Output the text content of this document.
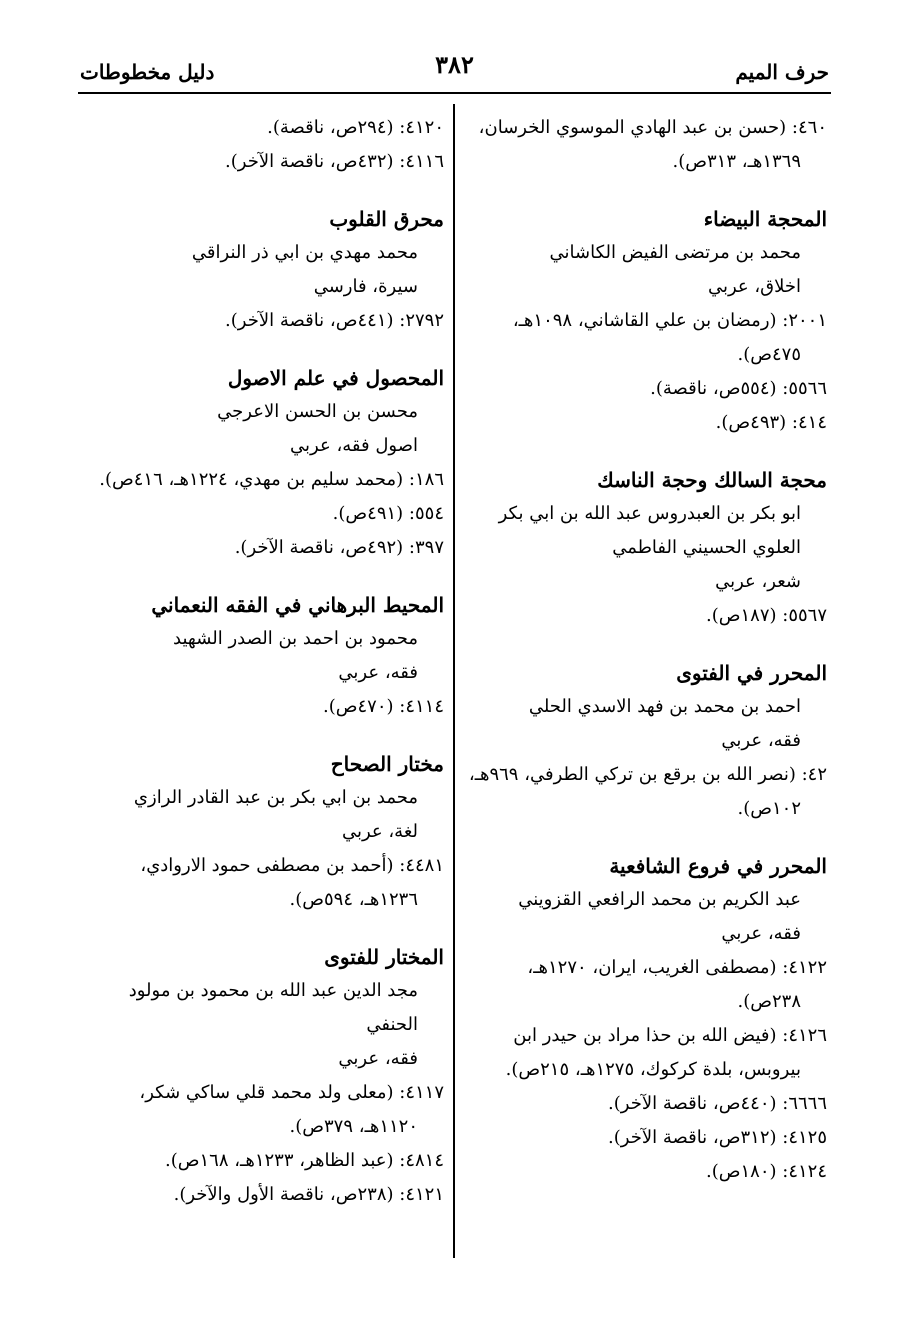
حرف الميم
٣٨٢
دليل مخطوطات
٤٦٠: (حسن بن عبد الهادي الموسوي الخرسان، ١٣٦٩هـ، ٣١٣ص).
المحجة البيضاء
محمد بن مرتضى الفيض الكاشاني
اخلاق، عربي
٢٠٠١: (رمضان بن علي القاشاني، ١٠٩٨هـ، ٤٧٥ص).
٥٥٦٦: (٥٥٤ص، ناقصة).
٤١٤: (٤٩٣ص).
محجة السالك وحجة الناسك
ابو بكر بن العبدروس عبد الله بن ابي بكر
العلوي الحسيني الفاطمي
شعر، عربي
٥٥٦٧: (١٨٧ص).
المحرر في الفتوى
احمد بن محمد بن فهد الاسدي الحلي
فقه، عربي
٤٢: (نصر الله بن برقع بن تركي الطرفي، ٩٦٩هـ، ١٠٢ص).
المحرر في فروع الشافعية
عبد الكريم بن محمد الرافعي القزويني
فقه، عربي
٤١٢٢: (مصطفى الغريب، ايران، ١٢٧٠هـ، ٢٣٨ص).
٤١٢٦: (فيض الله بن حذا مراد بن حيدر ابن بيروبس، بلدة كركوك، ١٢٧٥هـ، ٢١٥ص).
٦٦٦٦: (٤٤٠ص، ناقصة الآخر).
٤١٢٥: (٣١٢ص، ناقصة الآخر).
٤١٢٤: (١٨٠ص).
٤١٢٠: (٢٩٤ص، ناقصة).
٤١١٦: (٤٣٢ص، ناقصة الآخر).
محرق القلوب
محمد مهدي بن ابي ذر النراقي
سيرة، فارسي
٢٧٩٢: (٤٤١ص، ناقصة الآخر).
المحصول في علم الاصول
محسن بن الحسن الاعرجي
اصول فقه، عربي
١٨٦: (محمد سليم بن مهدي، ١٢٢٤هـ، ٤١٦ص).
٥٥٤: (٤٩١ص).
٣٩٧: (٤٩٢ص، ناقصة الآخر).
المحيط البرهاني في الفقه النعماني
محمود بن احمد بن الصدر الشهيد
فقه، عربي
٤١١٤: (٤٧٠ص).
مختار الصحاح
محمد بن ابي بكر بن عبد القادر الرازي
لغة، عربي
٤٤٨١: (أحمد بن مصطفى حمود الاروادي، ١٢٣٦هـ، ٥٩٤ص).
المختار للفتوى
مجد الدين عبد الله بن محمود بن مولود
الحنفي
فقه، عربي
٤١١٧: (معلى ولد محمد قلي ساكي شكر، ١١٢٠هـ، ٣٧٩ص).
٤٨١٤: (عبد الظاهر، ١٢٣٣هـ، ١٦٨ص).
٤١٢١: (٢٣٨ص، ناقصة الأول والآخر).
